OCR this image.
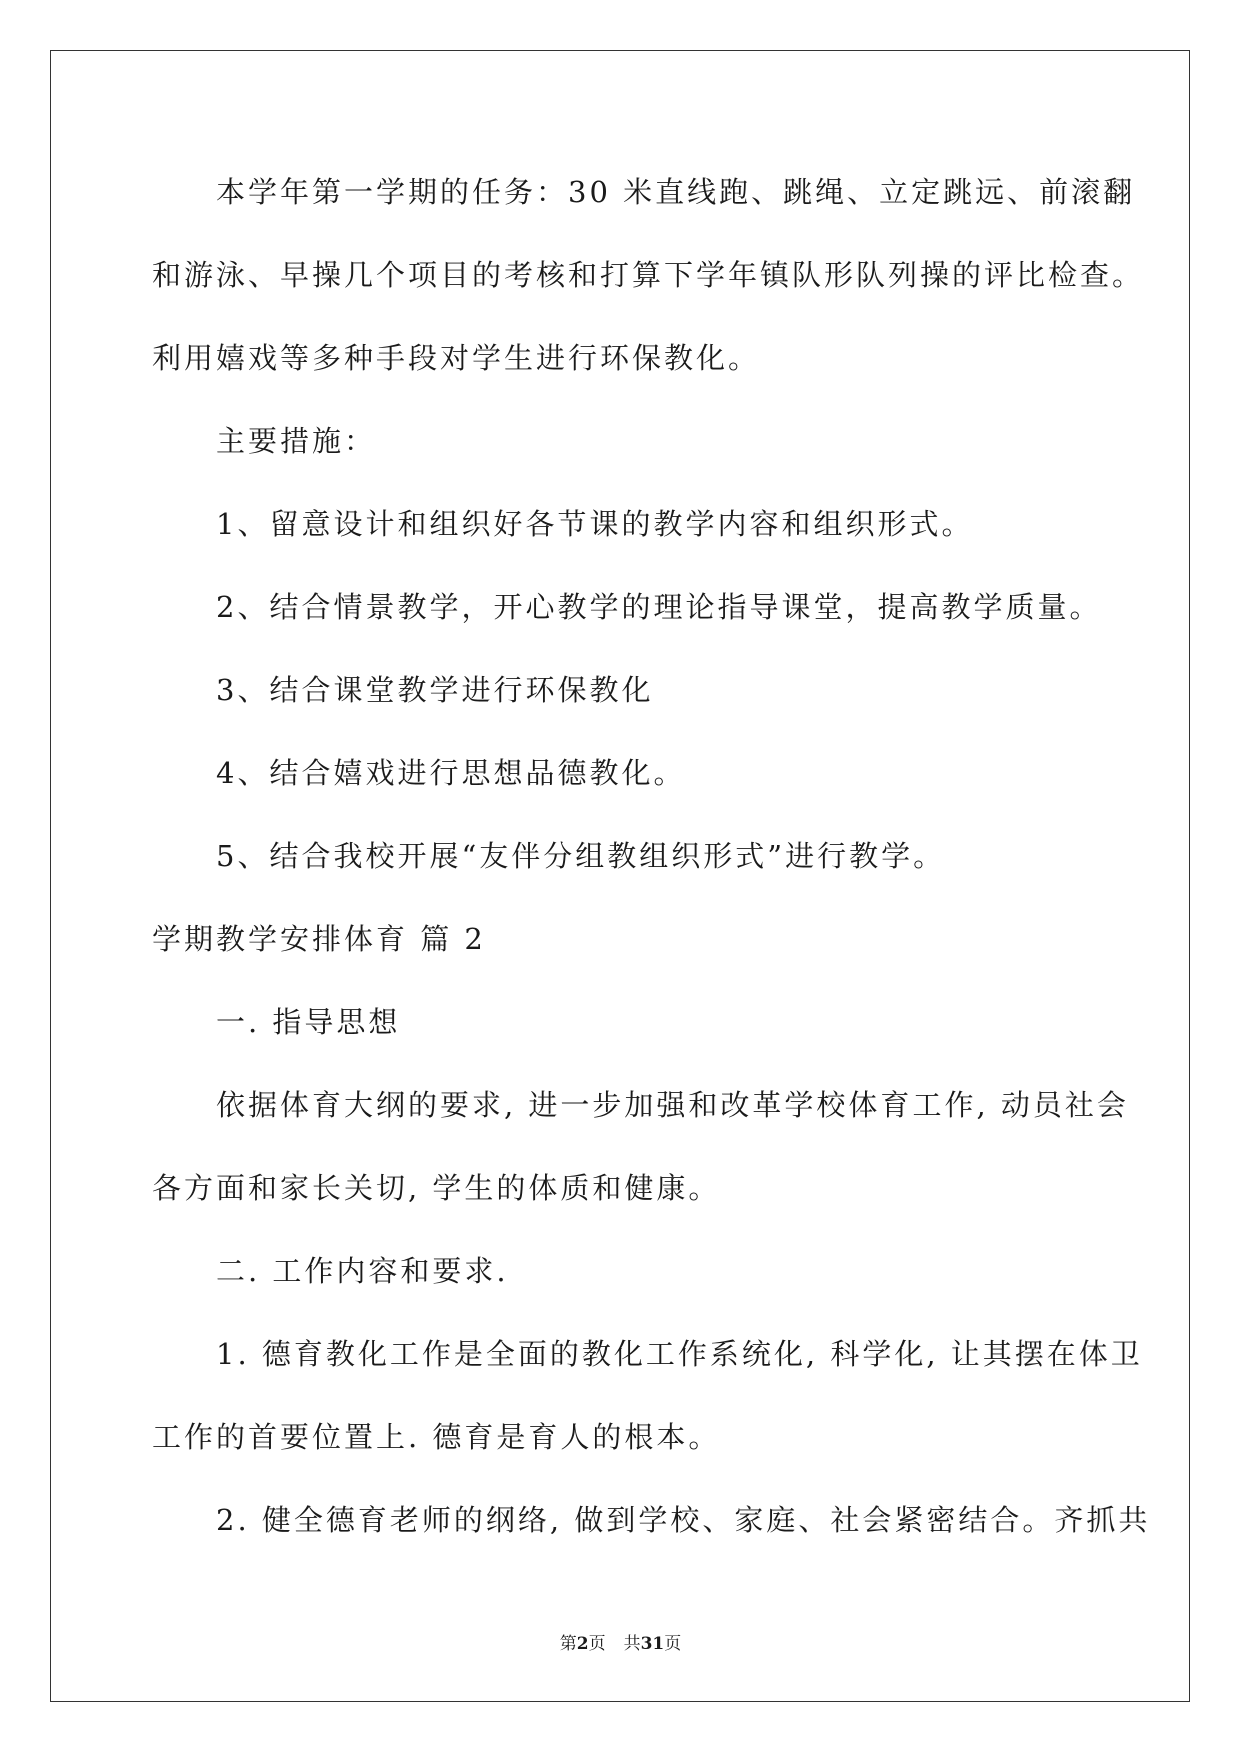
本学年第一学期的任务：30 米直线跑、跳绳、立定跳远、前滚翻

和游泳、早操几个项目的考核和打算下学年镇队形队列操的评比检查。

利用嬉戏等多种手段对学生进行环保教化。

主要措施：

1、留意设计和组织好各节课的教学内容和组织形式。

2、结合情景教学，开心教学的理论指导课堂，提高教学质量。

3、结合课堂教学进行环保教化

4、结合嬉戏进行思想品德教化。

5、结合我校开展“友伴分组教组织形式”进行教学。

学期教学安排体育 篇 2

一. 指导思想

依据体育大纲的要求, 进一步加强和改革学校体育工作, 动员社会

各方面和家长关切, 学生的体质和健康。

二. 工作内容和要求.

1. 德育教化工作是全面的教化工作系统化, 科学化, 让其摆在体卫

工作的首要位置上. 德育是育人的根本。

2. 健全德育老师的纲络, 做到学校、家庭、社会紧密结合。齐抓共

第2页 共31页
